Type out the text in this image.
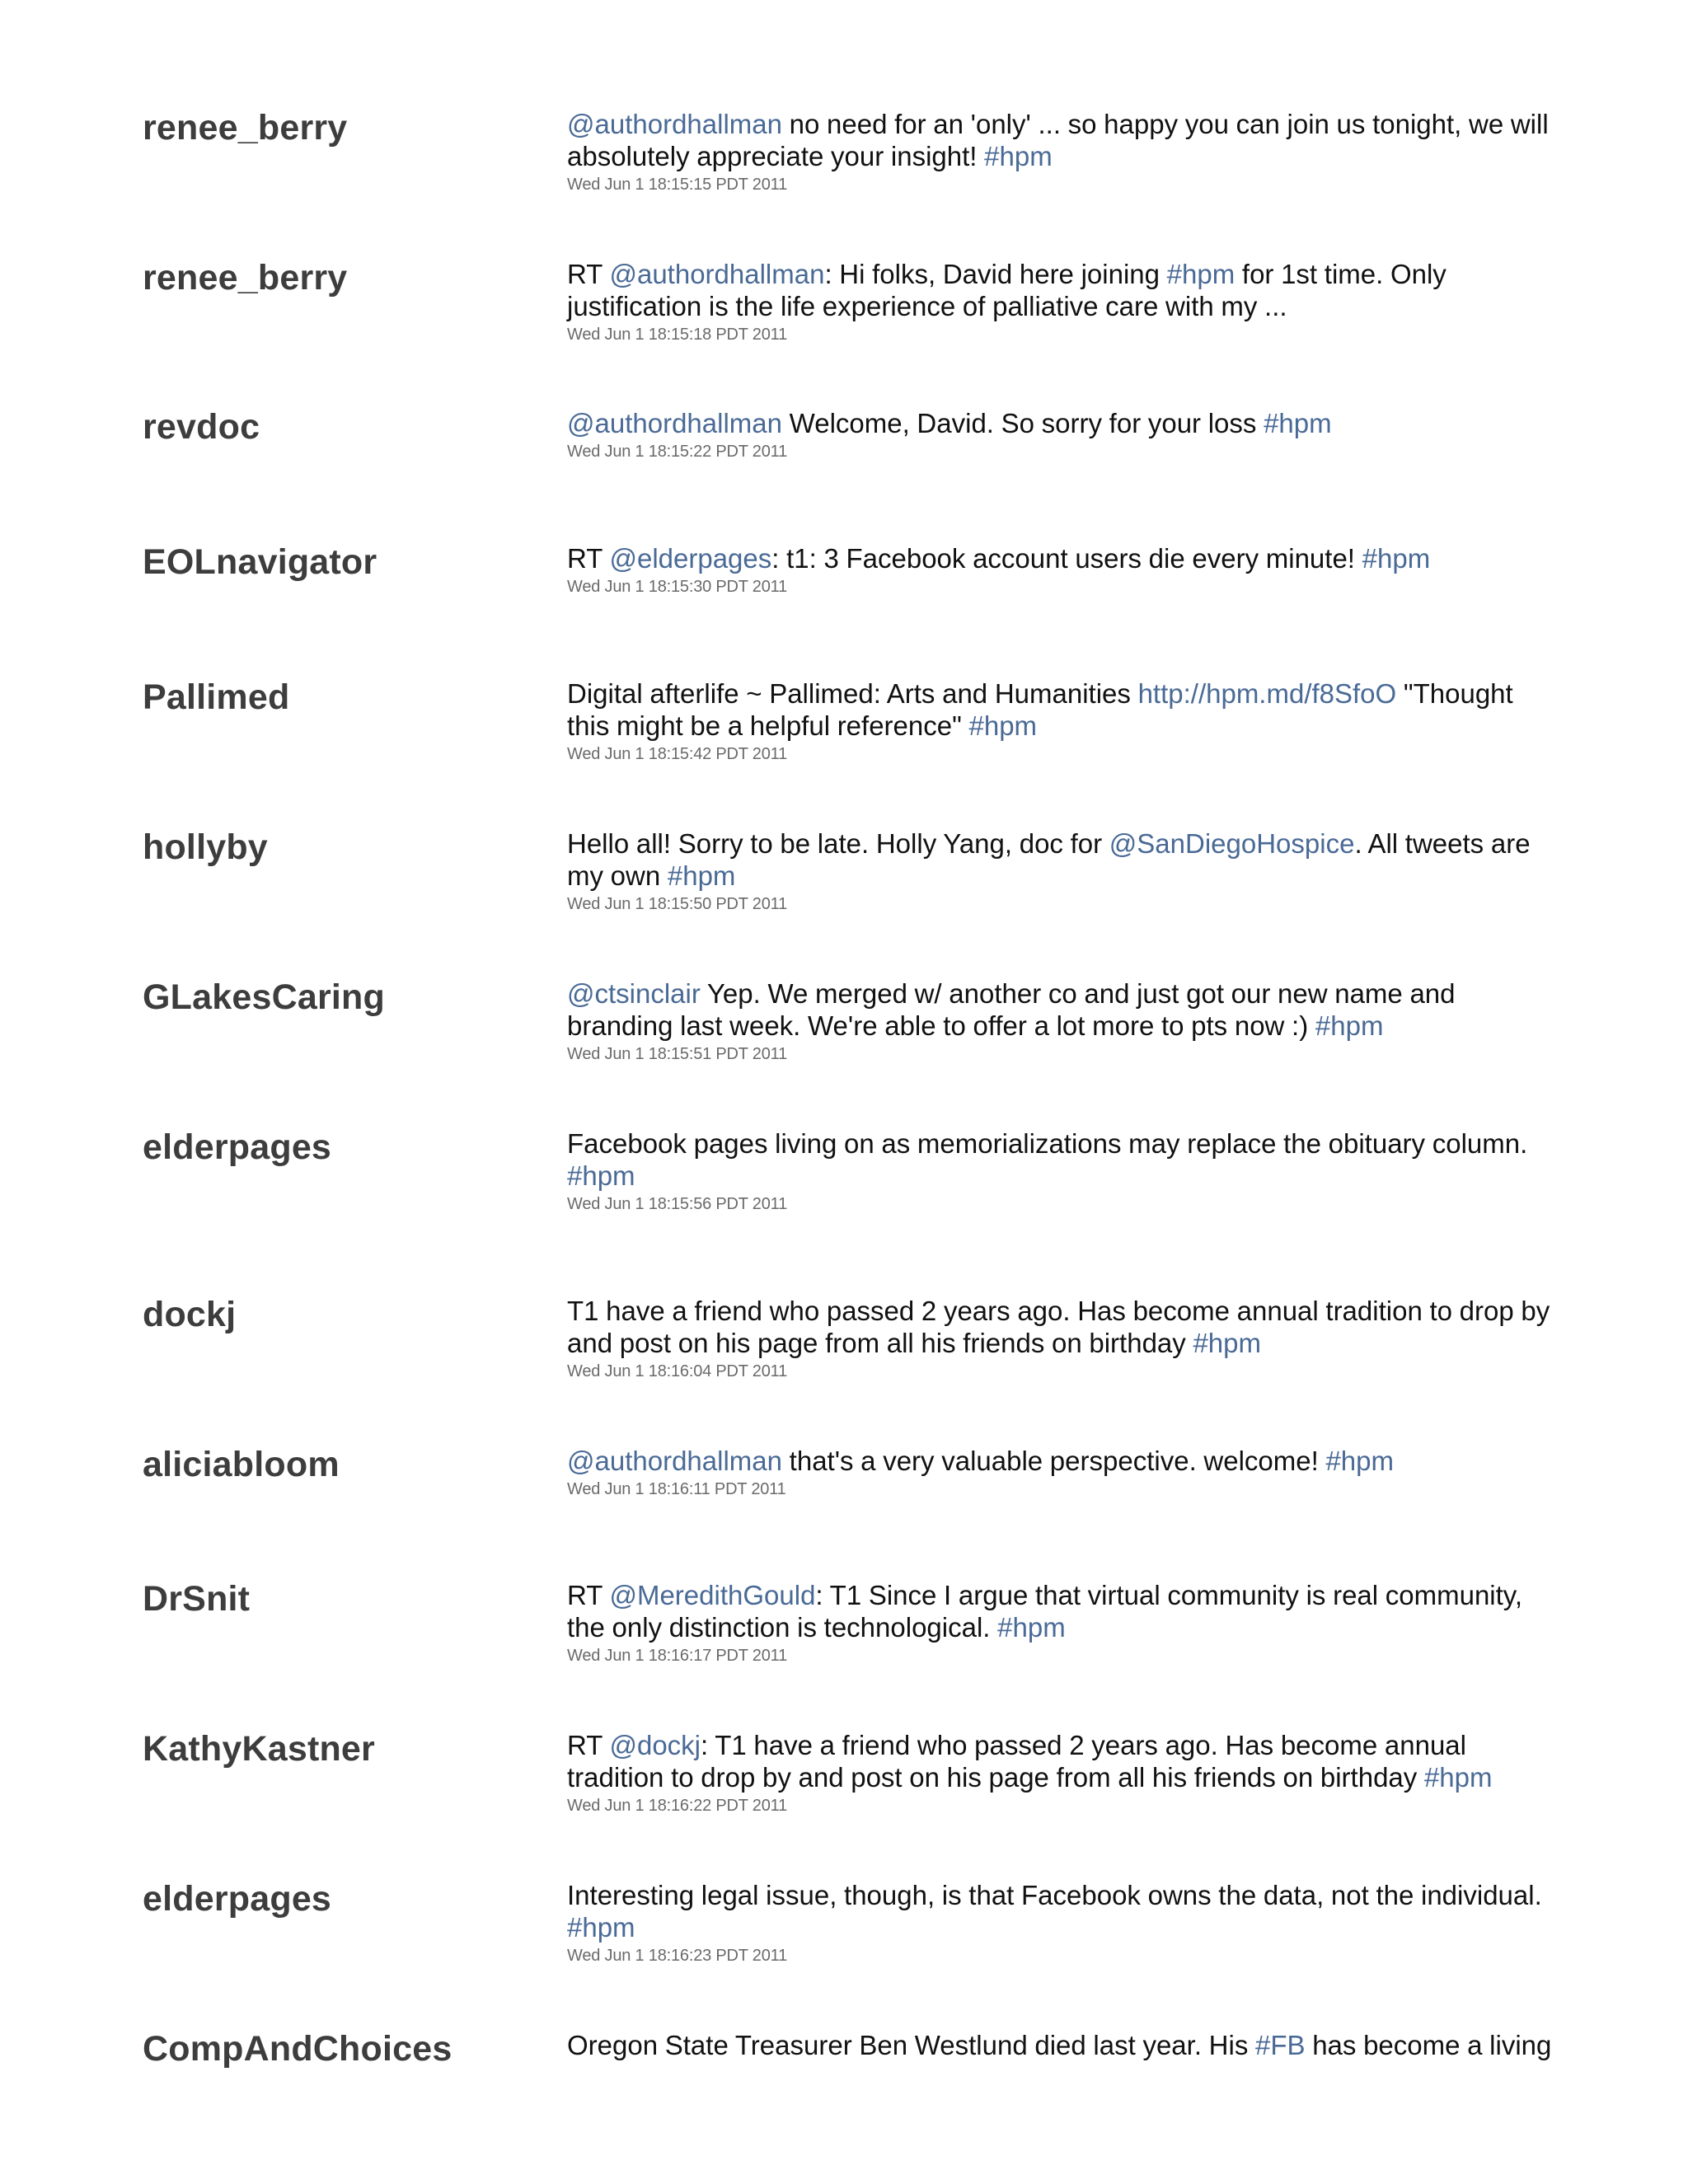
renee_berry	@authordhallman no need for an 'only' ... so happy you can join us tonight, we will absolutely appreciate your insight! #hpm
Wed Jun 1 18:15:15 PDT 2011
renee_berry	RT @authordhallman: Hi folks, David here joining #hpm for 1st time. Only justification is the life experience of palliative care with my ...
Wed Jun 1 18:15:18 PDT 2011
revdoc	@authordhallman Welcome, David. So sorry for your loss #hpm
Wed Jun 1 18:15:22 PDT 2011
EOLnavigator	RT @elderpages: t1: 3 Facebook account users die every minute! #hpm
Wed Jun 1 18:15:30 PDT 2011
Pallimed	Digital afterlife ~ Pallimed: Arts and Humanities http://hpm.md/f8SfoO "Thought this might be a helpful reference" #hpm
Wed Jun 1 18:15:42 PDT 2011
hollyby	Hello all! Sorry to be late. Holly Yang, doc for @SanDiegoHospice. All tweets are my own #hpm
Wed Jun 1 18:15:50 PDT 2011
GLakesCaring	@ctsinclair Yep. We merged w/ another co and just got our new name and branding last week. We're able to offer a lot more to pts now :) #hpm
Wed Jun 1 18:15:51 PDT 2011
elderpages	Facebook pages living on as memorializations may replace the obituary column. #hpm
Wed Jun 1 18:15:56 PDT 2011
dockj	T1 have a friend who passed 2 years ago. Has become annual tradition to drop by and post on his page from all his friends on birthday #hpm
Wed Jun 1 18:16:04 PDT 2011
aliciabloom	@authordhallman that's a very valuable perspective. welcome! #hpm
Wed Jun 1 18:16:11 PDT 2011
DrSnit	RT @MeredithGould: T1 Since I argue that virtual community is real community, the only distinction is technological. #hpm
Wed Jun 1 18:16:17 PDT 2011
KathyKastner	RT @dockj: T1 have a friend who passed 2 years ago. Has become annual tradition to drop by and post on his page from all his friends on birthday #hpm
Wed Jun 1 18:16:22 PDT 2011
elderpages	Interesting legal issue, though, is that Facebook owns the data, not the individual. #hpm
Wed Jun 1 18:16:23 PDT 2011
CompAndChoices	Oregon State Treasurer Ben Westlund died last year. His #FB has become a living
